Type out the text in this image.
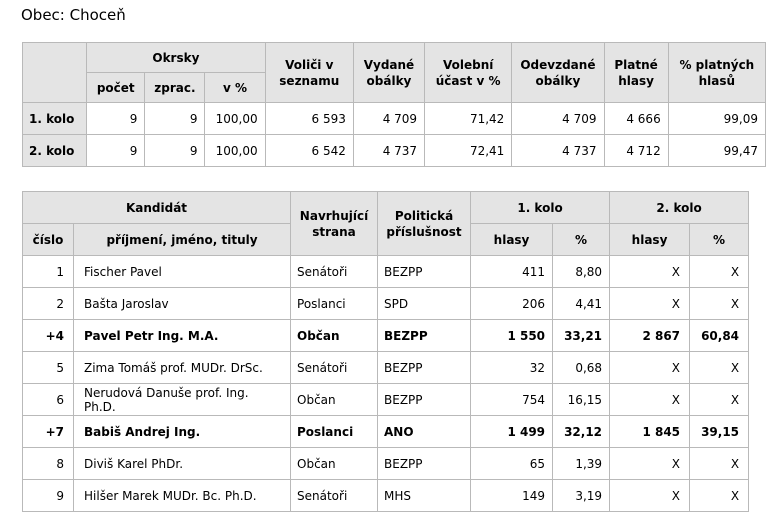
Obec: Choceň
	Okrsky			Voliči v seznamu	Vydané obálky	Volební účast v %	Odevzdané obálky	Platné hlasy	% platných hlasů
	počet	zprac.	v %						
1. kolo	9	9	100,00	6 593	4 709	71,42	4 709	4 666	99,09
2. kolo	9	9	100,00	6 542	4 737	72,41	4 737	4 712	99,47
Kandidát		Navrhující strana	Politická příslušnost	1. kolo		2. kolo	
číslo	příjmení, jméno, tituly			hlasy	%	hlasy	%
1	Fischer Pavel	Senátoři	BEZPP	411	8,80	X	X
2	Bašta Jaroslav	Poslanci	SPD	206	4,41	X	X
+4	Pavel Petr Ing. M.A.	Občan	BEZPP	1 550	33,21	2 867	60,84
5	Zima Tomáš prof. MUDr. DrSc.	Senátoři	BEZPP	32	0,68	X	X
6	Nerudová Danuše prof. Ing. Ph.D.	Občan	BEZPP	754	16,15	X	X
+7	Babiš Andrej Ing.	Poslanci	ANO	1 499	32,12	1 845	39,15
8	Diviš Karel PhDr.	Občan	BEZPP	65	1,39	X	X
9	Hilšer Marek MUDr. Bc. Ph.D.	Senátoři	MHS	149	3,19	X	X
